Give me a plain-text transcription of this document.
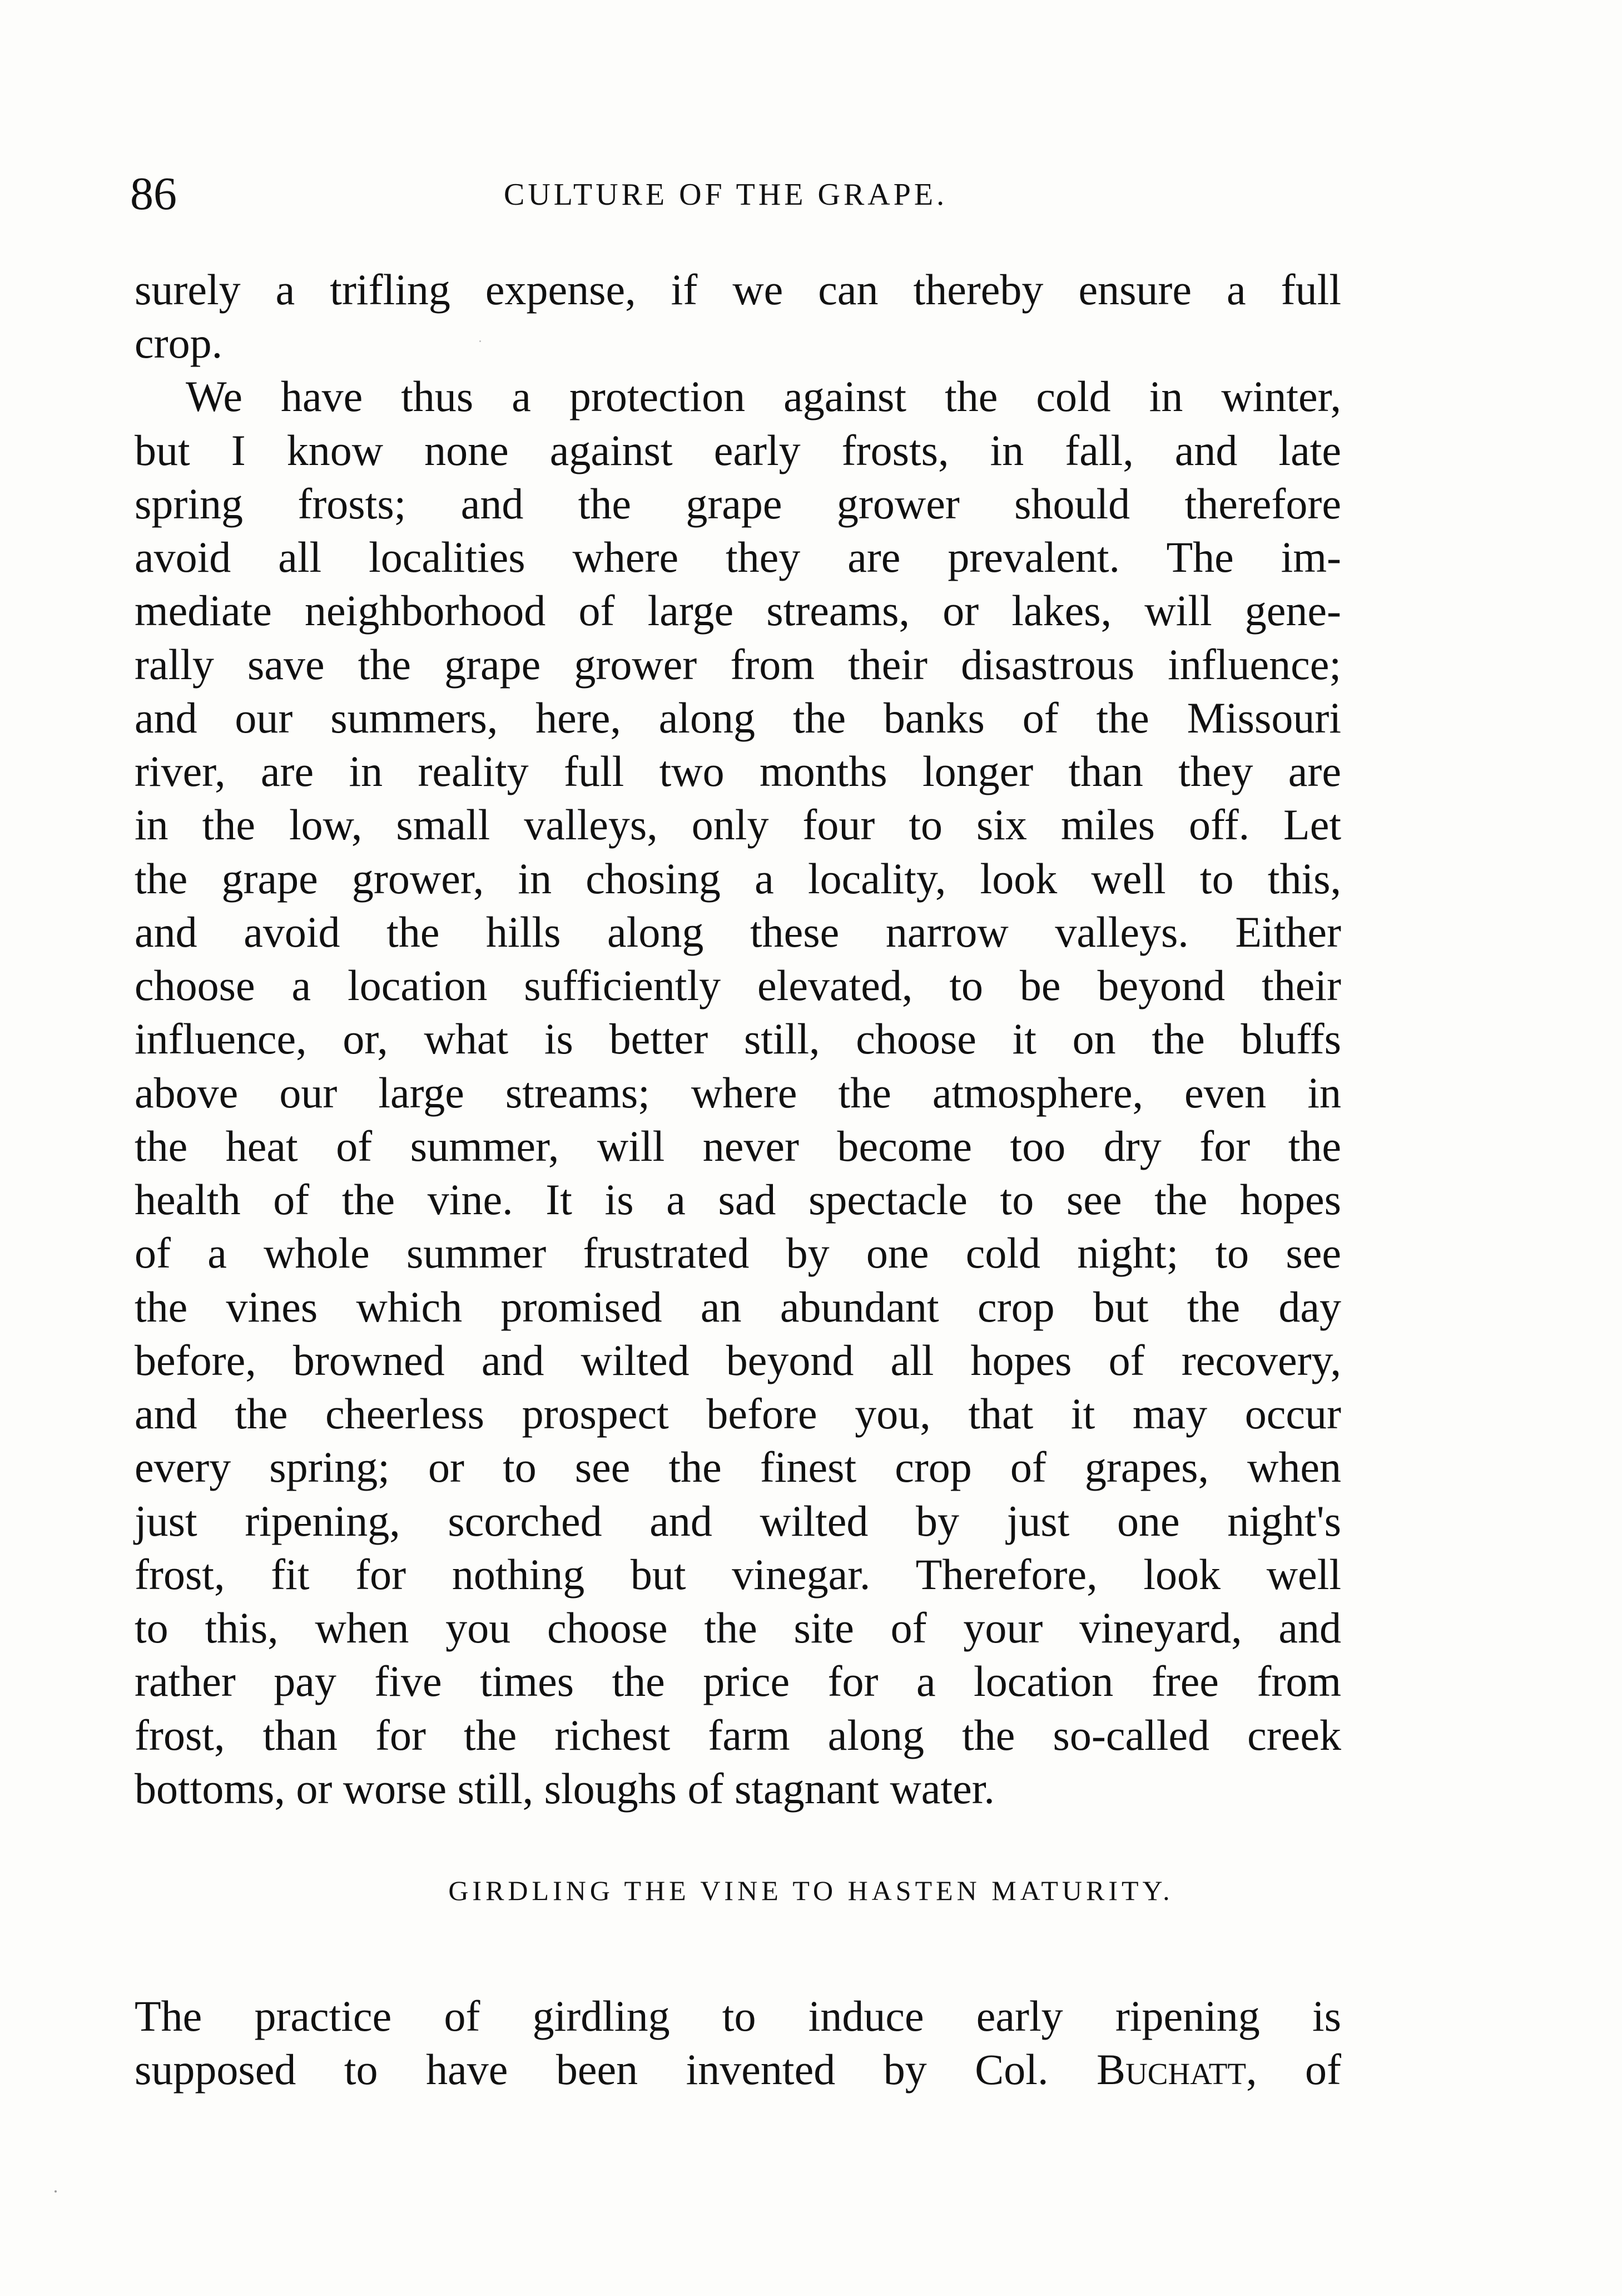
86	CULTURE OF THE GRAPE.
surely a trifling expense, if we can thereby ensure a full
crop.
We have thus a protection against the cold in winter,
but I know none against early frosts, in fall, and late
spring frosts; and the grape grower should therefore
avoid all localities where they are prevalent. The im-
mediate neighborhood of large streams, or lakes, will gene-
rally save the grape grower from their disastrous influence;
and our summers, here, along the banks of the Missouri
river, are in reality full two months longer than they are
in the low, small valleys, only four to six miles off. Let
the grape grower, in chosing a locality, look well to this,
and avoid the hills along these narrow valleys. Either
choose a location sufficiently elevated, to be beyond their
influence, or, what is better still, choose it on the bluffs
above our large streams; where the atmosphere, even in
the heat of summer, will never become too dry for the
health of the vine. It is a sad spectacle to see the hopes
of a whole summer frustrated by one cold night; to see
the vines which promised an abundant crop but the day
before, browned and wilted beyond all hopes of recovery,
and the cheerless prospect before you, that it may occur
every spring; or to see the finest crop of grapes, when
just ripening, scorched and wilted by just one night's
frost, fit for nothing but vinegar. Therefore, look well
to this, when you choose the site of your vineyard, and
rather pay five times the price for a location free from
frost, than for the richest farm along the so-called creek
bottoms, or worse still, sloughs of stagnant water.
GIRDLING THE VINE TO HASTEN MATURITY.
The practice of girdling to induce early ripening is
supposed to have been invented by Col. Buchatt, of
